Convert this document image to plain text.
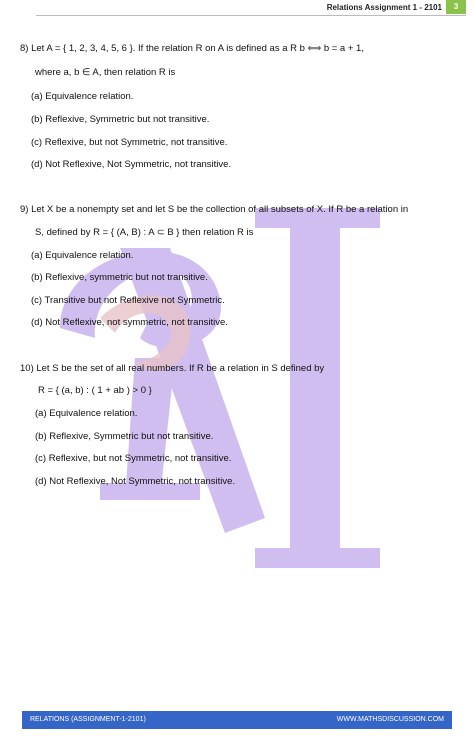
Relations Assignment 1 - 2101	3
8) Let A = { 1, 2, 3, 4, 5, 6 }. If the relation R on A is defined as a R b ⟺ b = a + 1,
where a, b ∈ A, then relation R is
(a) Equivalence relation.
(b) Reflexive, Symmetric but not transitive.
(c) Reflexive, but not Symmetric, not transitive.
(d) Not Reflexive, Not Symmetric, not transitive.
9) Let X be a nonempty set and let S be the collection of all subsets of X. If R be a relation in
S, defined by R = { (A, B) : A ⊂ B } then relation R is
(a) Equivalence relation.
(b) Reflexive, symmetric but not transitive.
(c) Transitive but not Reflexive not Symmetric.
(d) Not Reflexive, not symmetric, not transitive.
10) Let S be the set of all real numbers. If R be a relation in S defined by
R = { (a, b) : ( 1 + ab ) > 0 }
(a) Equivalence relation.
(b) Reflexive, Symmetric but not transitive.
(c) Reflexive, but not Symmetric, not transitive.
(d) Not Reflexive, Not Symmetric, not transitive.
RELATIONS (ASSIGNMENT-1-2101)	WWW.MATHSDISCUSSION.COM
